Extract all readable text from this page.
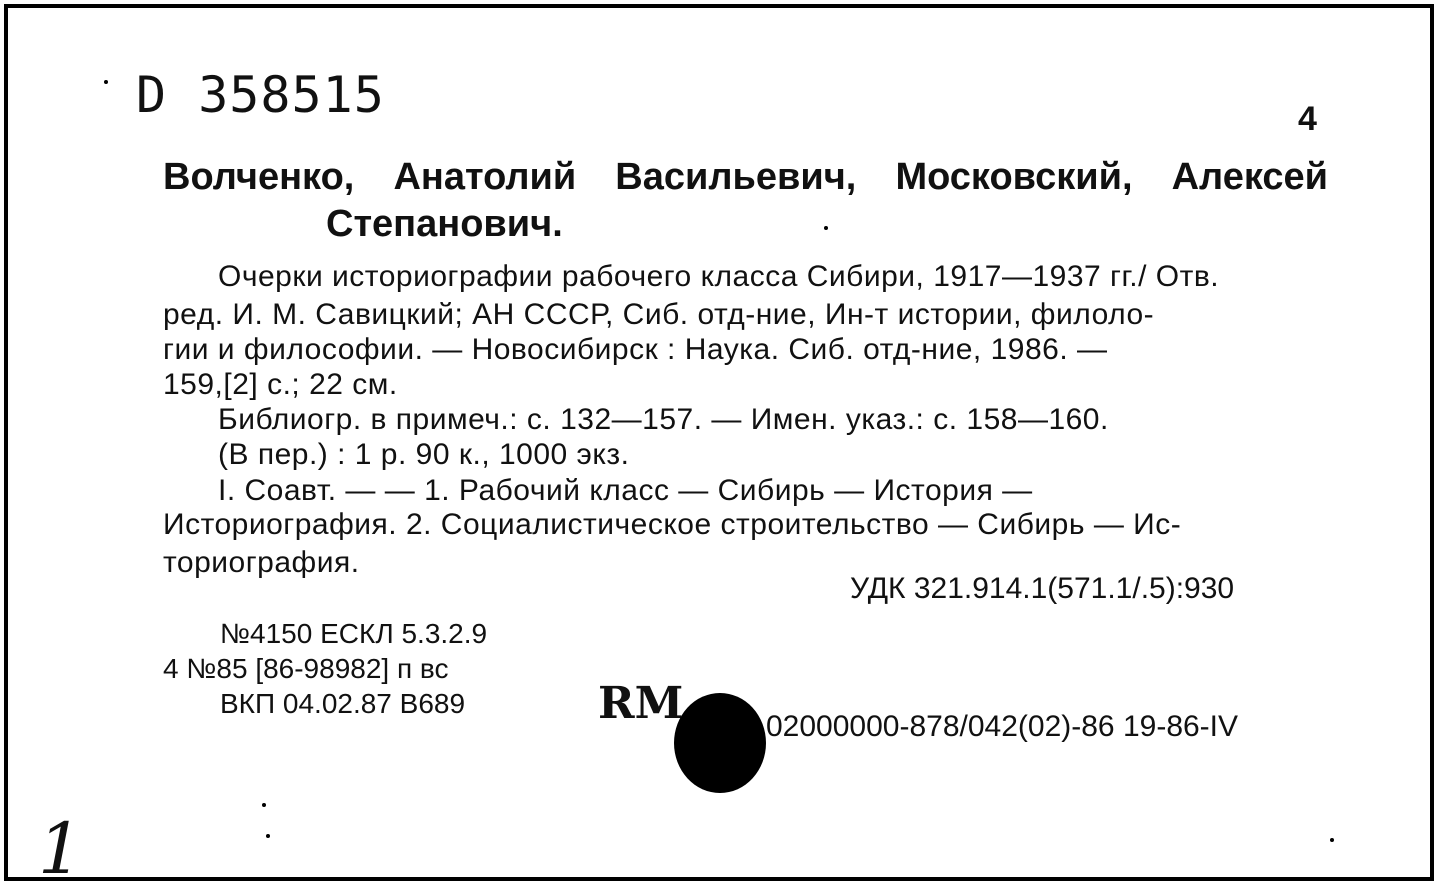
D 358515	4
Волченко, Анатолий Васильевич, Московский, Алексей
Степанович.
Очерки историографии рабочего класса Сибири, 1917—1937 гг./ Отв.
ред. И. М. Савицкий; АН СССР, Сиб. отд-ние, Ин-т истории, филоло-
гии и философии. — Новосибирск : Наука. Сиб. отд-ние, 1986. —
159,[2] с.; 22 см.
Библиогр. в примеч.: с. 132—157. — Имен. указ.: с. 158—160.
(В пер.) : 1 р. 90 к., 1000 экз.
I. Соавт. — — 1. Рабочий класс — Сибирь — История —
Историография. 2. Социалистическое строительство — Сибирь — Ис-
ториография.
УДК 321.914.1(571.1/.5):930
№4150 ЕСКЛ 5.3.2.9
4 №85 [86-98982] п вс
ВКП 04.02.87 В689	RM	02000000-878/042(02)-86 19-86-IV
1
